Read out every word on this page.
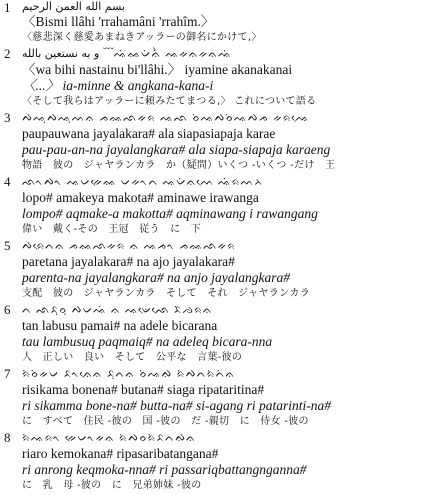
1 بسم الله العمن الرحيم
〈Bismi llâhi 'rrahamâni 'rrahîm.〉
〈慈悲深く慈愛あまねきアッラーの御名にかけて,〉
2 و به نستعين بالله ﹋ᨕᨗᨐᨆᨗᨊᨛ ᨕᨀᨊᨀᨊᨕᨗ
〈wa bihi nastainu bi'llâhi.〉 iyamine akanakanai
〈...〉 ia-minne & angkana-kana-i
〈そして我らはアッラーに頼みたてまつる,〉 これについて語る
3 ᨄᨕᨘᨄᨕᨘᨓᨊ ᨍᨐᨒᨀᨑ ᨕᨒ ᨔᨗᨕᨄᨔᨗᨕᨄᨍ ᨀᨑᨕᨙ
paupauwana jayalakara# ala siapasiapaja karae
pau-pau-an-na jayalangkara# ala siapa-siapaja karaeng
物語　彼の　ジャヤランカラ　か（疑問）いくつ -いくつ -だけ　王
4 ᨒᨚᨄᨚ ᨕᨆᨀᨙᨐ ᨆᨀᨚᨈ ᨕᨆᨗᨊᨓᨙ ᨕᨗᨑᨓᨂ
lopo# amakeya makota# aminawe irawanga
lompo# aqmake-a makotta# aqminawang i rawangang
偉い　戴く-その　王冠　従う　に　下
5 ᨄᨑᨙᨈᨊ ᨍᨐᨒᨀᨑ ᨊ ᨕᨍᨚ ᨍᨐᨒᨀᨑ
paretana jayalakara# na ajo jayalakara#
parenta-na jayalangkara# na anjo jayalangkara#
支配　彼の　ジャヤランカラ　そして　それ　ジャヤランカラ
6 ᨈ ᨒᨅᨘᨔᨘ ᨄᨆᨕᨗ ᨊ ᨕᨉᨙᨒᨙ ᨅᨗᨌᨑᨊ
tan labusu pamai# na adele bicarana
tau lambusuq paqmaiq# na adeleq bicara-nna
人　正しい　良い　そして　公平な　言葉-彼の
7 ᨑᨗᨔᨗᨀᨆ ᨅᨚᨊᨙᨊ ᨅᨘᨈᨊ ᨔᨗᨕᨁ ᨑᨗᨄᨈᨑᨗᨈᨗᨊ
risikama bonena# butana# siaga ripataritina#
ri sikamma bone-na# butta-na# si-agang ri patarinti-na#
に　すべて　住民 -彼の　国 -彼の　だ -親切　に　侍女 -彼の
8 ᨑᨗᨕᨑᨚ ᨀᨙᨆᨚᨀᨊ ᨑᨗᨄᨔᨑᨗᨅᨈᨁᨊ
riaro kemokana# ripasaribatangana#
ri anrong keqmoka-nna# ri passariqbattangnganna#
に　乳　母 -彼の　に　兄弟姉妹 -彼の
